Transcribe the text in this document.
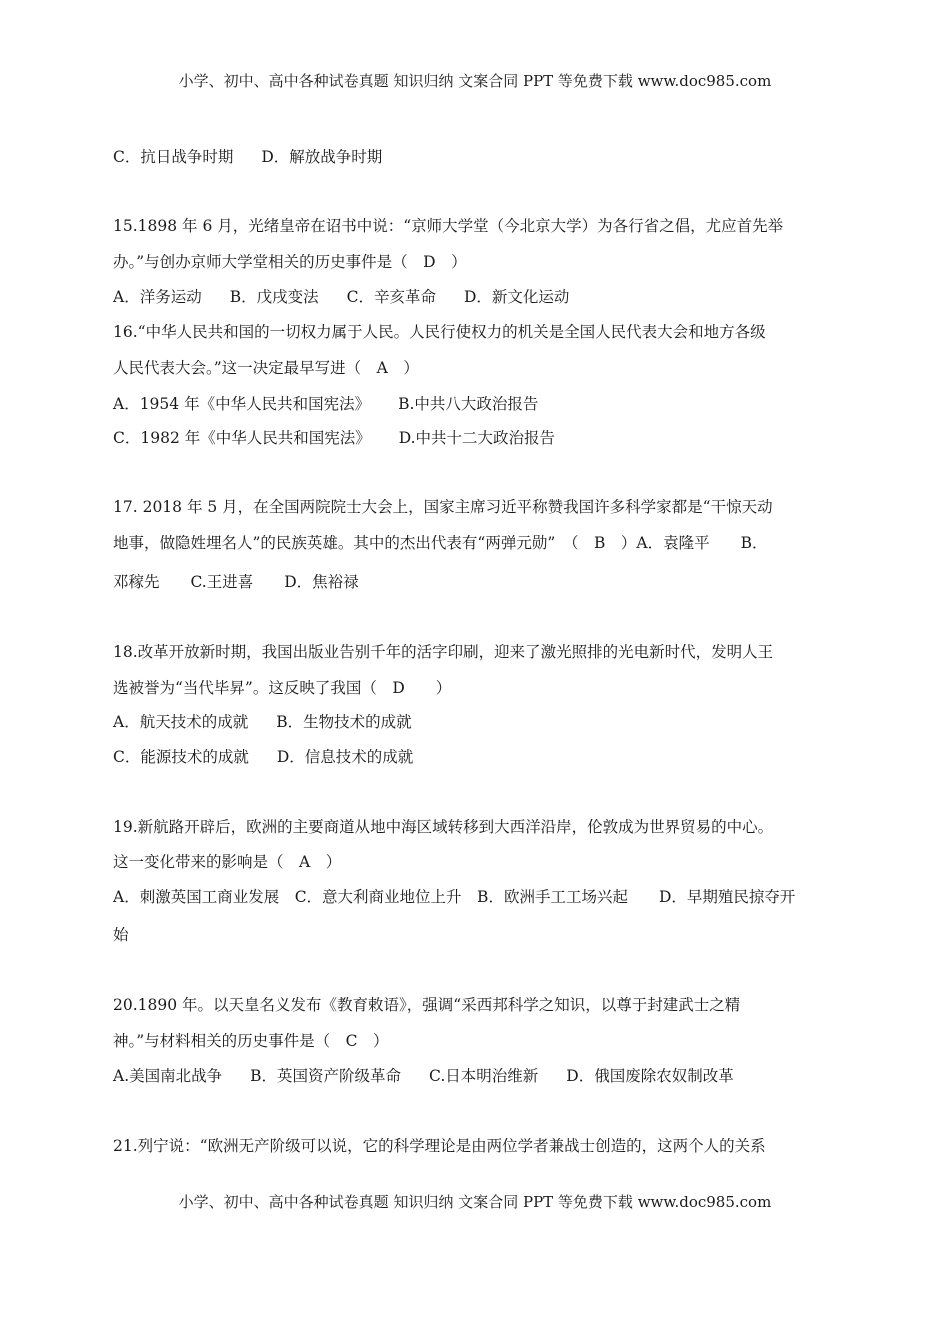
小学、初中、高中各种试卷真题 知识归纳 文案合同 PPT 等免费下载 www.doc985.com
C．抗日战争时期 D．解放战争时期
15.1898 年 6 月，光绪皇帝在诏书中说：“京师大学堂（今北京大学）为各行省之倡，尤应首先举
办。”与创办京师大学堂相关的历史事件是（　D　）
A．洋务运动 B．戊戌变法 C．辛亥革命 D．新文化运动
16.“中华人民共和国的一切权力属于人民。人民行使权力的机关是全国人民代表大会和地方各级
人民代表大会。”这一决定最早写进（　A　）
A．1954 年《中华人民共和国宪法》 B.中共八大政治报告
C．1982 年《中华人民共和国宪法》 D.中共十二大政治报告
17. 2018 年 5 月，在全国两院院士大会上，国家主席习近平称赞我国许多科学家都是“干惊天动
地事，做隐姓埋名人”的民族英雄。其中的杰出代表有“两弹元勋”　（　B　）A．袁隆平　　B．
邓稼先　　C.王进喜　　D．焦裕禄
18.改革开放新时期，我国出版业告别千年的活字印刷，迎来了激光照排的光电新时代，发明人王
选被誉为“当代毕昇”。这反映了我国（　D　　）
A．航天技术的成就 B．生物技术的成就
C．能源技术的成就 D．信息技术的成就
19.新航路开辟后，欧洲的主要商道从地中海区域转移到大西洋沿岸，伦敦成为世界贸易的中心。
这一变化带来的影响是（　A　）
A．刺激英国工商业发展　C．意大利商业地位上升　B．欧洲手工工场兴起　　D．早期殖民掠夺开
始
20.1890 年。以天皇名义发布《教育敕语》，强调“采西邦科学之知识，以尊于封建武士之精
神。”与材料相关的历史事件是（　C　）
A.美国南北战争 B．英国资产阶级革命 C.日本明治维新 D．俄国废除农奴制改革
21.列宁说：“欧洲无产阶级可以说，它的科学理论是由两位学者兼战士创造的，这两个人的关系
小学、初中、高中各种试卷真题 知识归纳 文案合同 PPT 等免费下载 www.doc985.com
